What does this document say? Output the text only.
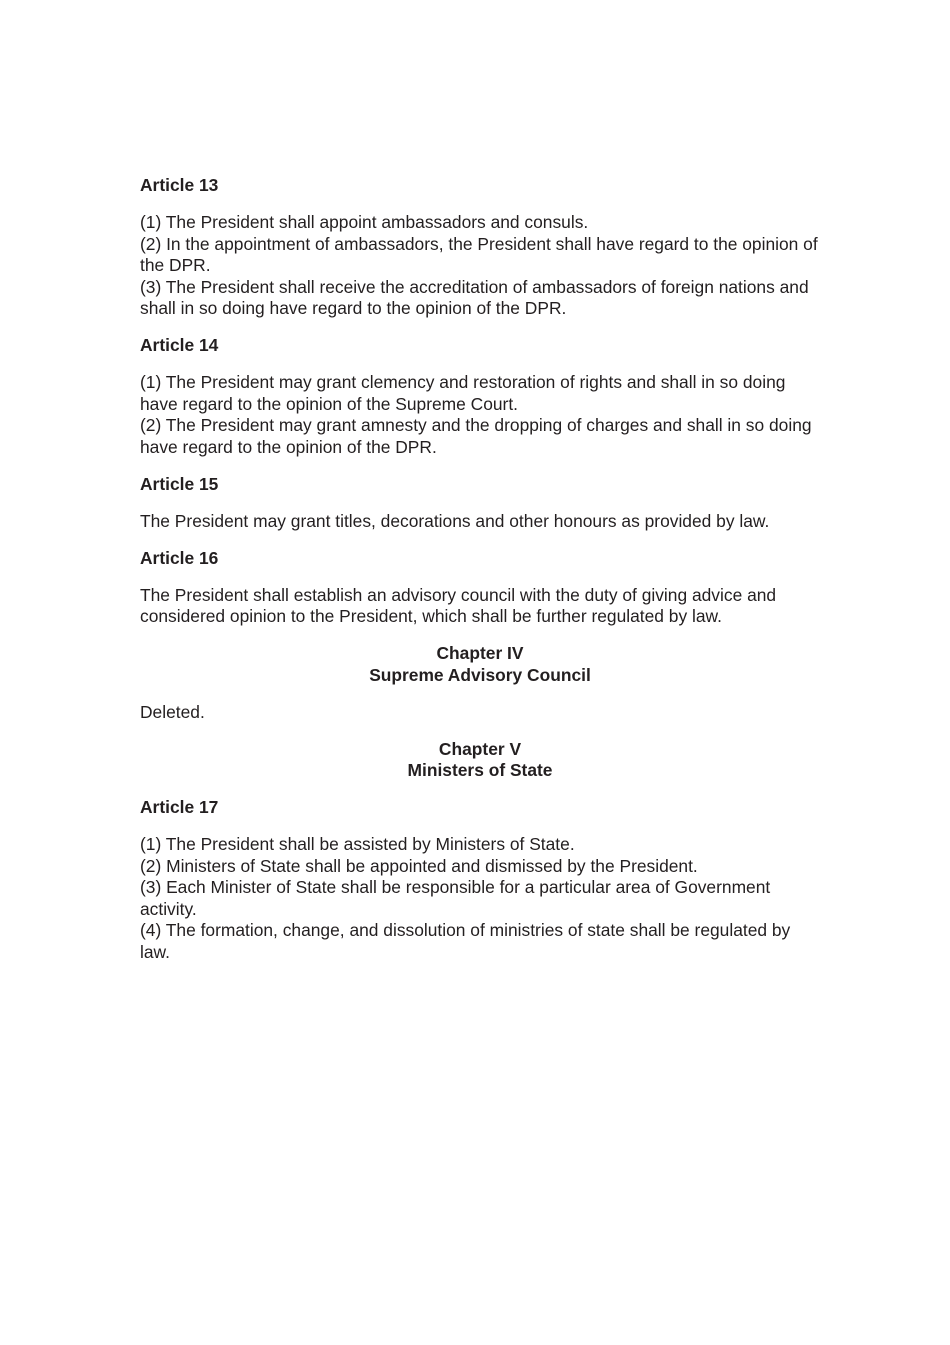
Article 13
(1) The President shall appoint ambassadors and consuls.
(2) In the appointment of ambassadors, the President shall have regard to the opinion of the DPR.
(3) The President shall receive the accreditation of ambassadors of foreign nations and shall in so doing have regard to the opinion of the DPR.
Article 14
(1) The President may grant clemency and restoration of rights and shall in so doing have regard to the opinion of the Supreme Court.
(2) The President may grant amnesty and the dropping of charges and shall in so doing have regard to the opinion of the DPR.
Article 15
The President may grant titles, decorations and other honours as provided by law.
Article 16
The President shall establish an advisory council with the duty of giving advice and considered opinion to the President, which shall be further regulated by law.
Chapter IV
Supreme Advisory Council
Deleted.
Chapter V
Ministers of State
Article 17
(1) The President shall be assisted by Ministers of State.
(2) Ministers of State shall be appointed and dismissed by the President.
(3) Each Minister of State shall be responsible for a particular area of Government activity.
(4) The formation, change, and dissolution of ministries of state shall be regulated by law.
